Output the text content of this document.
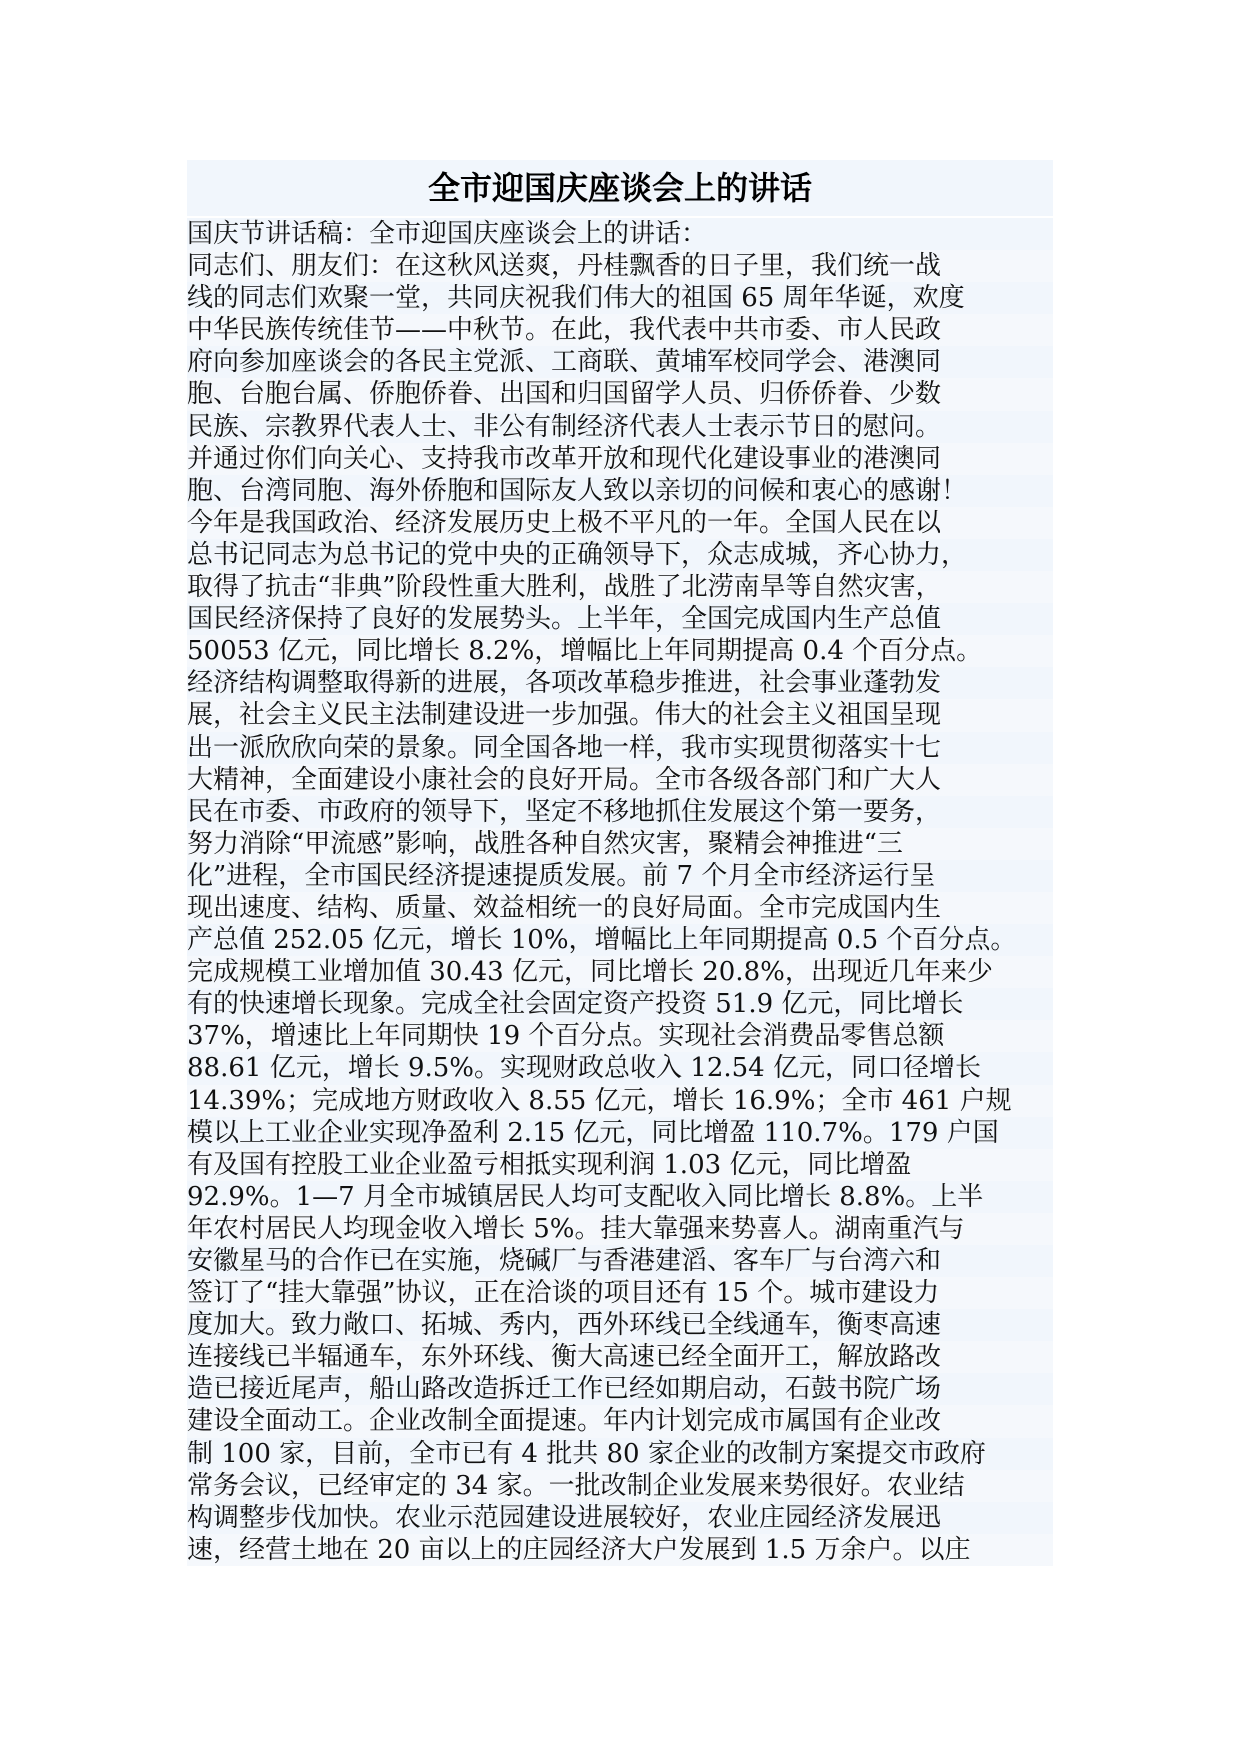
全市迎国庆座谈会上的讲话
国庆节讲话稿：全市迎国庆座谈会上的讲话：
同志们、朋友们：在这秋风送爽，丹桂飘香的日子里，我们统一战
线的同志们欢聚一堂，共同庆祝我们伟大的祖国 65 周年华诞，欢度
中华民族传统佳节——中秋节。在此，我代表中共市委、市人民政
府向参加座谈会的各民主党派、工商联、黄埔军校同学会、港澳同
胞、台胞台属、侨胞侨眷、出国和归国留学人员、归侨侨眷、少数
民族、宗教界代表人士、非公有制经济代表人士表示节日的慰问。
并通过你们向关心、支持我市改革开放和现代化建设事业的港澳同
胞、台湾同胞、海外侨胞和国际友人致以亲切的问候和衷心的感谢！
今年是我国政治、经济发展历史上极不平凡的一年。全国人民在以
总书记同志为总书记的党中央的正确领导下，众志成城，齐心协力，
取得了抗击“非典”阶段性重大胜利，战胜了北涝南旱等自然灾害，
国民经济保持了良好的发展势头。上半年，全国完成国内生产总值
50053 亿元，同比增长 8.2%，增幅比上年同期提高 0.4 个百分点。
经济结构调整取得新的进展，各项改革稳步推进，社会事业蓬勃发
展，社会主义民主法制建设进一步加强。伟大的社会主义祖国呈现
出一派欣欣向荣的景象。同全国各地一样，我市实现贯彻落实十七
大精神，全面建设小康社会的良好开局。全市各级各部门和广大人
民在市委、市政府的领导下，坚定不移地抓住发展这个第一要务，
努力消除“甲流感”影响，战胜各种自然灾害，聚精会神推进“三
化”进程，全市国民经济提速提质发展。前 7 个月全市经济运行呈
现出速度、结构、质量、效益相统一的良好局面。全市完成国内生
产总值 252.05 亿元，增长 10%，增幅比上年同期提高 0.5 个百分点。
完成规模工业增加值 30.43 亿元，同比增长 20.8%，出现近几年来少
有的快速增长现象。完成全社会固定资产投资 51.9 亿元，同比增长
37%，增速比上年同期快 19 个百分点。实现社会消费品零售总额
88.61 亿元，增长 9.5%。实现财政总收入 12.54 亿元，同口径增长
14.39%；完成地方财政收入 8.55 亿元，增长 16.9%；全市 461 户规
模以上工业企业实现净盈利 2.15 亿元，同比增盈 110.7%。179 户国
有及国有控股工业企业盈亏相抵实现利润 1.03 亿元，同比增盈
92.9%。1—7 月全市城镇居民人均可支配收入同比增长 8.8%。上半
年农村居民人均现金收入增长 5%。挂大靠强来势喜人。湖南重汽与
安徽星马的合作已在实施，烧碱厂与香港建滔、客车厂与台湾六和
签订了“挂大靠强”协议，正在洽谈的项目还有 15 个。城市建设力
度加大。致力敞口、拓城、秀内，西外环线已全线通车，衡枣高速
连接线已半辐通车，东外环线、衡大高速已经全面开工，解放路改
造已接近尾声，船山路改造拆迁工作已经如期启动，石鼓书院广场
建设全面动工。企业改制全面提速。年内计划完成市属国有企业改
制 100 家，目前，全市已有 4 批共 80 家企业的改制方案提交市政府
常务会议，已经审定的 34 家。一批改制企业发展来势很好。农业结
构调整步伐加快。农业示范园建设进展较好，农业庄园经济发展迅
速，经营土地在 20 亩以上的庄园经济大户发展到 1.5 万余户。以庄
